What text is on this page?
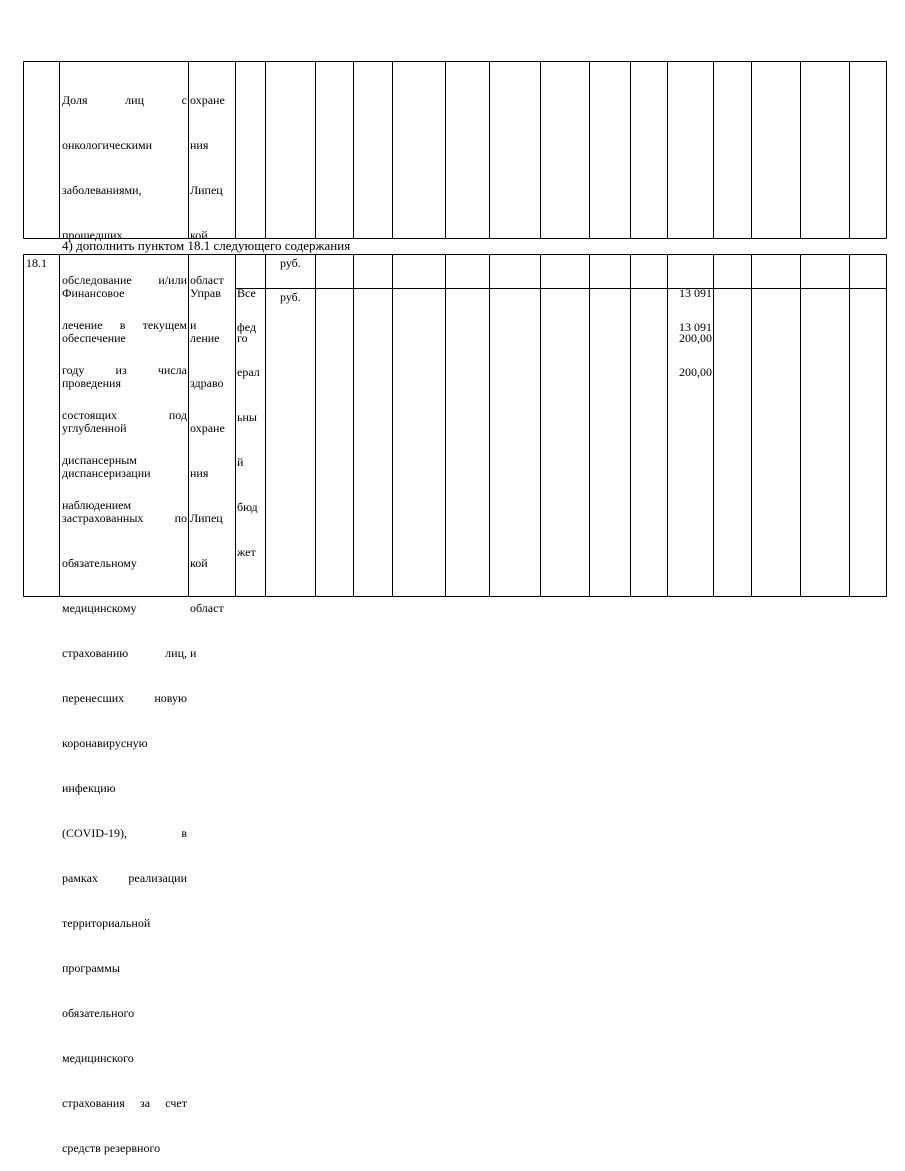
Доля лиц с

онкологическими

заболеваниями,

прошедших

обследование и/или

лечение в текущем

году из числа

состоящих под

диспансерным

наблюдением

охране

ния

Липец

кой

област

и

4) дополнить пунктом 18.1 следующего содержания
18.1

Финансовое

обеспечение

проведения

углубленной

диспансеризации

застрахованных по

обязательному

медицинскому

страхованию лиц,

перенесших новую

коронавирусную

инфекцию

(COVID-19), в

рамках реализации

территориальной

программы

обязательного

медицинского

страхования за счет

средств резервного

Управ

ление

здраво

охране

ния

Липец

кой

област

и

Все

го

фед

ерал

ьны

й

бюд

жет

руб.
руб.

	13 091

200,00

13 091

200,00
